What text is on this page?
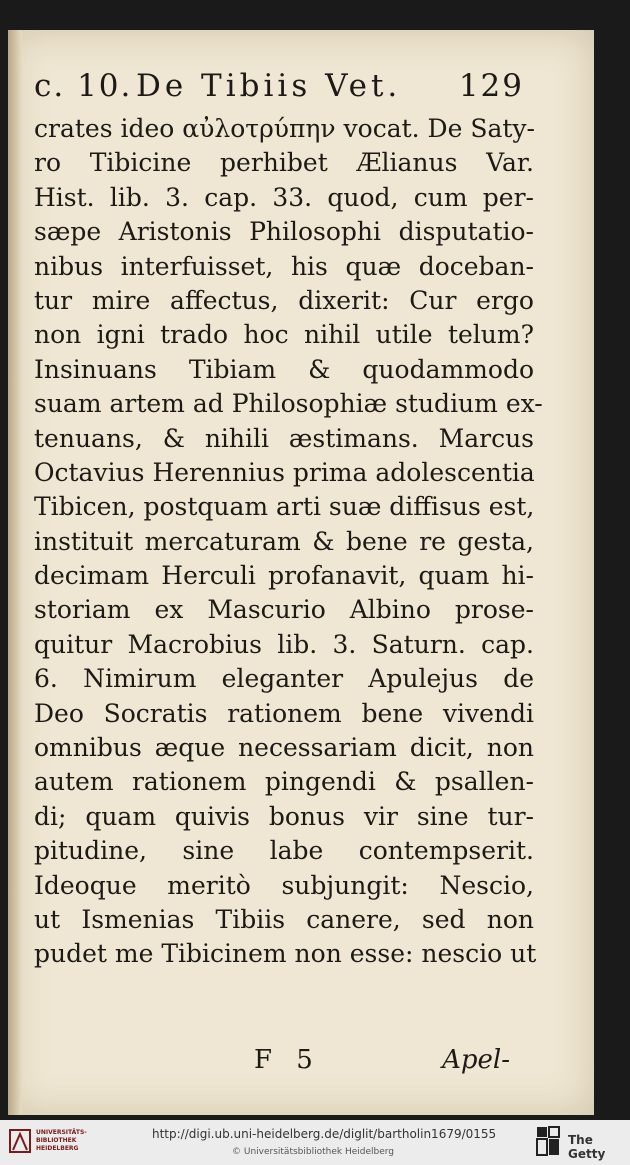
c. 10. De Tibiis Vet. 129
crates ideo αὐλοτρύπην vocat. De Saty-
ro Tibicine perhibet Ælianus Var.
Hist. lib. 3. cap. 33. quod, cum per-
sæpe Aristonis Philosophi disputatio-
nibus interfuisset, his quæ doceban-
tur mire affectus, dixerit: Cur ergo
non igni trado hoc nihil utile telum?
Insinuans Tibiam & quodammodo
suam artem ad Philosophiæ studium ex-
tenuans, & nihili æstimans. Marcus
Octavius Herennius prima adolescentia
Tibicen, postquam arti suæ diffisus est,
instituit mercaturam & bene re gesta,
decimam Herculi profanavit, quam hi-
storiam ex Mascurio Albino prose-
quitur Macrobius lib. 3. Saturn. cap.
6. Nimirum eleganter Apulejus de
Deo Socratis rationem bene vivendi
omnibus æque necessariam dicit, non
autem rationem pingendi & psallen-
di; quam quivis bonus vir sine tur-
pitudine, sine labe contempserit.
Ideoque meritò subjungit: Nescio,
ut Ismenias Tibiis canere, sed non
pudet me Tibicinem non esse: nescio ut
F 5	Apel-
UNIVERSITÄTS-
BIBLIOTHEK
HEIDELBERG
http://digi.ub.uni-heidelberg.de/diglit/bartholin1679/0155
© Universitätsbibliothek Heidelberg
The Getty
